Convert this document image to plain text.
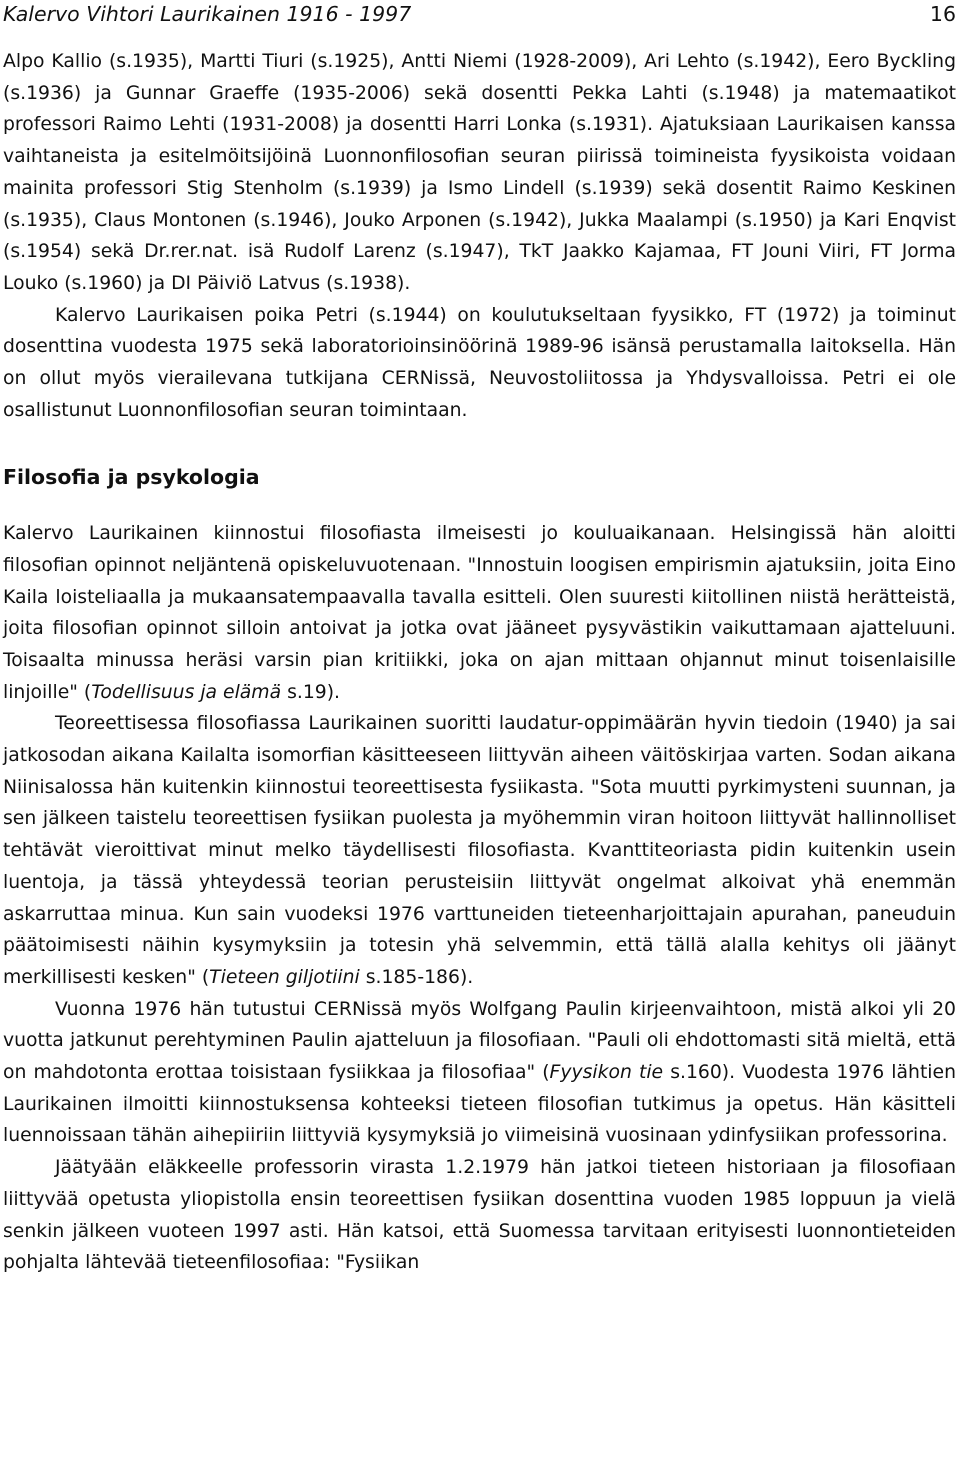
Kalervo Vihtori Laurikainen 1916 - 1997	16

Alpo Kallio (s.1935), Martti Tiuri (s.1925), Antti Niemi (1928-2009), Ari Lehto (s.1942), Eero Byckling (s.1936) ja Gunnar Graeffe (1935-2006) sekä dosentti Pekka Lahti (s.1948) ja matemaatikot professori Raimo Lehti (1931-2008) ja dosentti Harri Lonka (s.1931). Ajatuksiaan Laurikaisen kanssa vaihtaneista ja esitelmöitsijöinä Luonnonfilosofian seuran piirissä toimineista fyysikoista voidaan mainita professori Stig Stenholm (s.1939) ja Ismo Lindell (s.1939) sekä dosentit Raimo Keskinen (s.1935), Claus Montonen (s.1946), Jouko Arponen (s.1942), Jukka Maalampi (s.1950) ja Kari Enqvist (s.1954) sekä Dr.rer.nat. isä Rudolf Larenz (s.1947), TkT Jaakko Kajamaa, FT Jouni Viiri, FT Jorma Louko (s.1960) ja DI Päiviö Latvus (s.1938).

Kalervo Laurikaisen poika Petri (s.1944) on koulutukseltaan fyysikko, FT (1972) ja toiminut dosenttina vuodesta 1975 sekä laboratorioinsinöörinä 1989-96 isänsä perustamalla laitoksella. Hän on ollut myös vierailevana tutkijana CERNissä, Neuvostoliitossa ja Yhdysvalloissa. Petri ei ole osallistunut Luonnonfilosofian seuran toimintaan.

Filosofia ja psykologia

Kalervo Laurikainen kiinnostui filosofiasta ilmeisesti jo kouluaikanaan. Helsingissä hän aloitti filosofian opinnot neljäntenä opiskeluvuotenaan. "Innostuin loogisen empirismin ajatuksiin, joita Eino Kaila loisteliaalla ja mukaansatempaavalla tavalla esitteli. Olen suuresti kiitollinen niistä herätteistä, joita filosofian opinnot silloin antoivat ja jotka ovat jääneet pysyvästikin vaikuttamaan ajatteluuni. Toisaalta minussa heräsi varsin pian kritiikki, joka on ajan mittaan ohjannut minut toisenlaisille linjoille" (Todellisuus ja elämä s.19).

Teoreettisessa filosofiassa Laurikainen suoritti laudatur-oppimäärän hyvin tiedoin (1940) ja sai jatkosodan aikana Kailalta isomorfian käsitteeseen liittyvän aiheen väitöskirjaa varten. Sodan aikana Niinisalossa hän kuitenkin kiinnostui teoreettisesta fysiikasta. "Sota muutti pyrkimysteni suunnan, ja sen jälkeen taistelu teoreettisen fysiikan puolesta ja myöhemmin viran hoitoon liittyvät hallinnolliset tehtävät vieroittivat minut melko täydellisesti filosofiasta. Kvanttiteoriasta pidin kuitenkin usein luentoja, ja tässä yhteydessä teorian perusteisiin liittyvät ongelmat alkoivat yhä enemmän askarruttaa minua. Kun sain vuodeksi 1976 varttuneiden tieteenharjoittajain apurahan, paneuduin päätoimisesti näihin kysymyksiin ja totesin yhä selvemmin, että tällä alalla kehitys oli jäänyt merkillisesti kesken" (Tieteen giljotiini s.185-186).

Vuonna 1976 hän tutustui CERNissä myös Wolfgang Paulin kirjeenvaihtoon, mistä alkoi yli 20 vuotta jatkunut perehtyminen Paulin ajatteluun ja filosofiaan. "Pauli oli ehdottomasti sitä mieltä, että on mahdotonta erottaa toisistaan fysiikkaa ja filosofiaa" (Fyysikon tie s.160). Vuodesta 1976 lähtien Laurikainen ilmoitti kiinnostuksensa kohteeksi tieteen filosofian tutkimus ja opetus. Hän käsitteli luennoissaan tähän aihepiiriin liittyviä kysymyksiä jo viimeisinä vuosinaan ydinfysiikan professorina.

Jäätyään eläkkeelle professorin virasta 1.2.1979 hän jatkoi tieteen historiaan ja filosofiaan liittyvää opetusta yliopistolla ensin teoreettisen fysiikan dosenttina vuoden 1985 loppuun ja vielä senkin jälkeen vuoteen 1997 asti. Hän katsoi, että Suomessa tarvitaan erityisesti luonnontieteiden pohjalta lähtevää tieteenfilosofiaa: "Fysiikan
